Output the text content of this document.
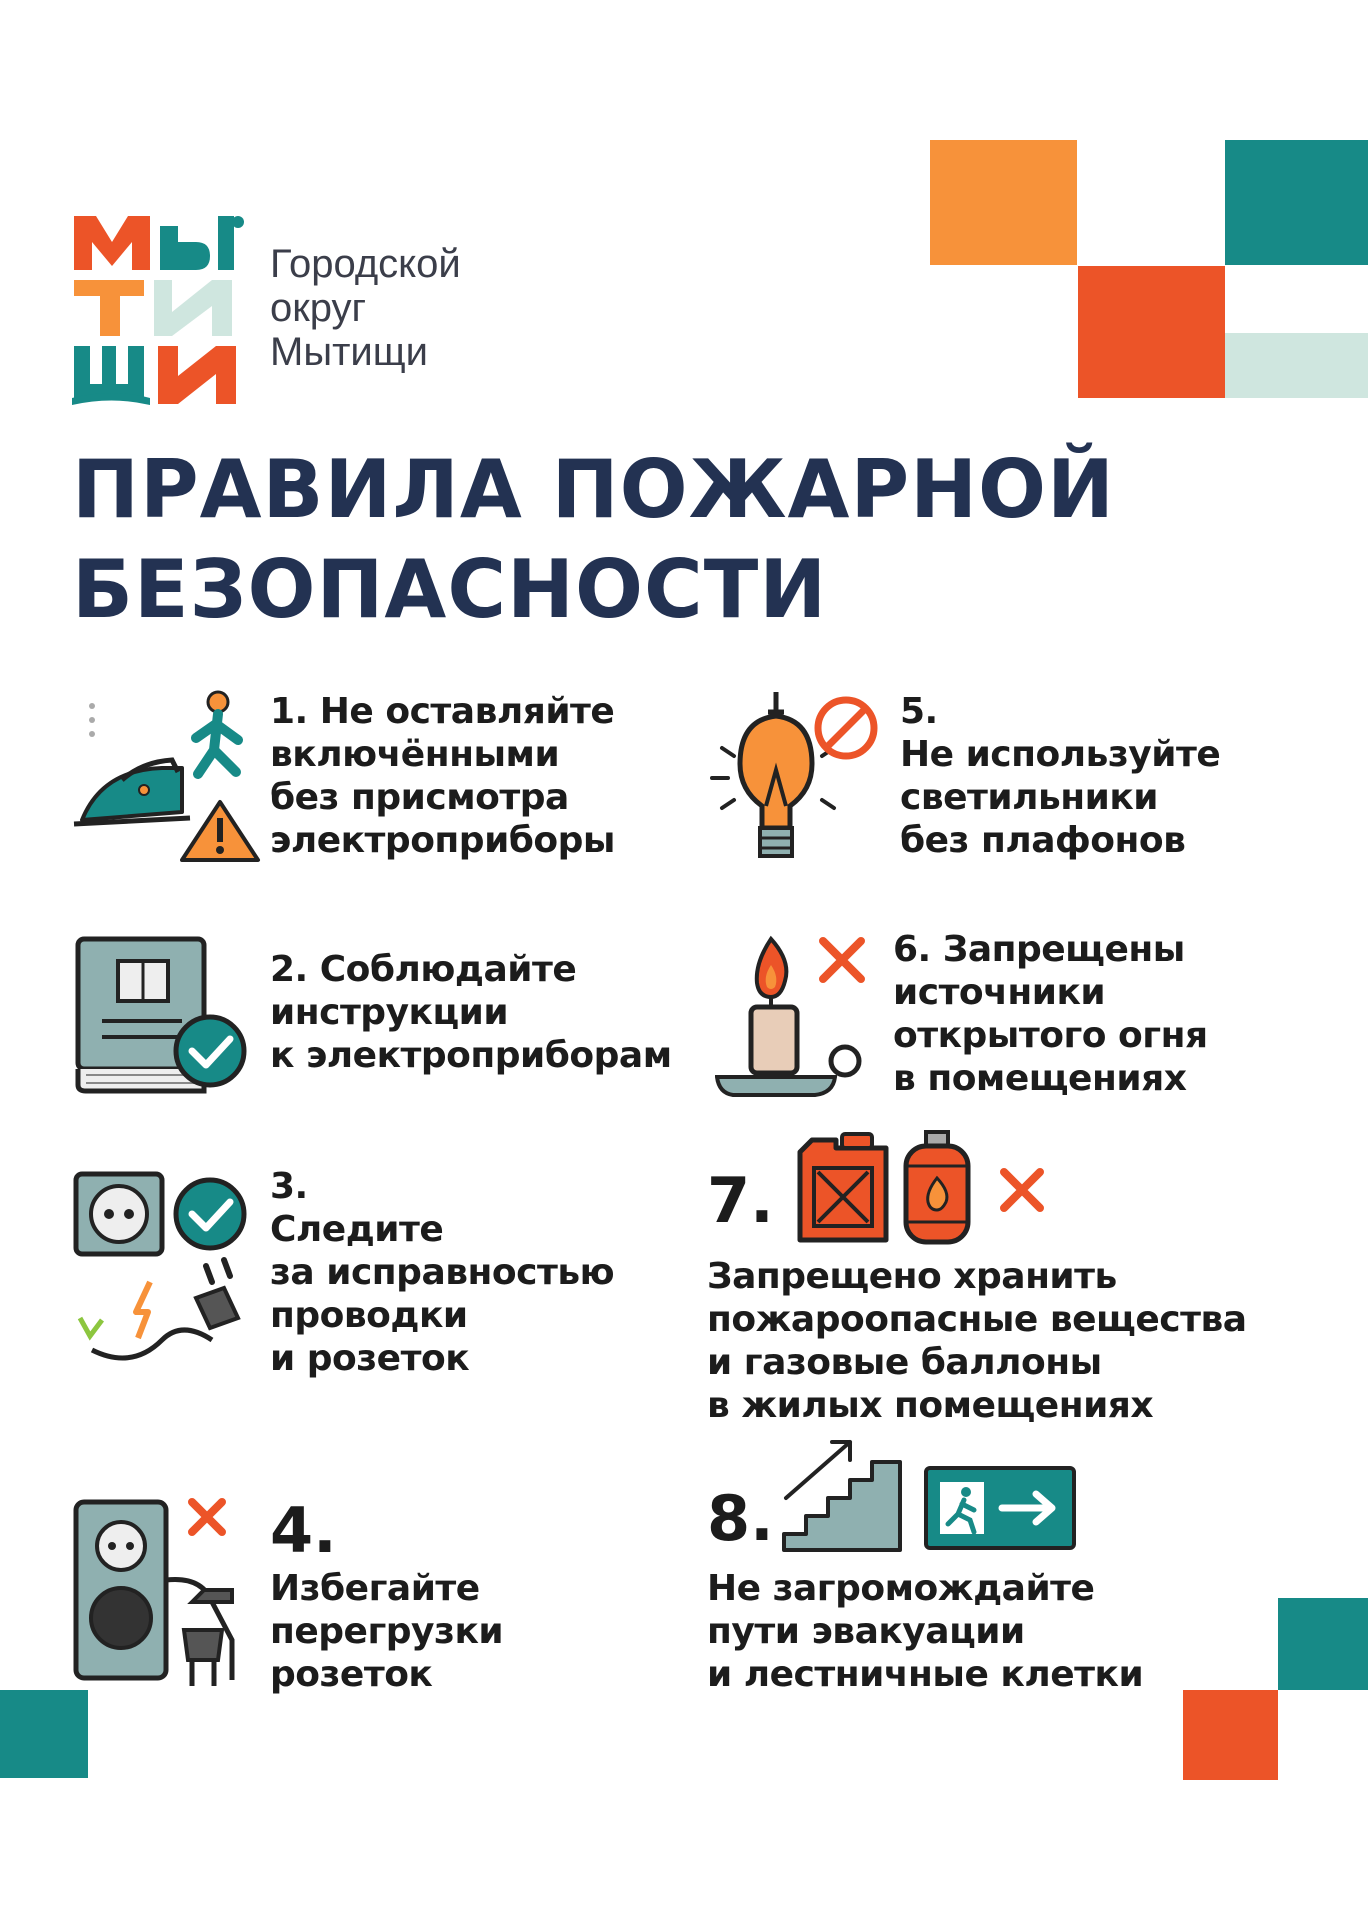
Городской
округ
Мытищи
ПРАВИЛА ПОЖАРНОЙ
БЕЗОПАСНОСТИ
1. Не оставляйте
включёнными
без присмотра
электроприборы
2. Соблюдайте
инструкции
к электроприборам
3.
Следите
за исправностью
проводки
и розеток
4.
Избегайте
перегрузки
розеток
5.
Не используйте
светильники
без плафонов
6. Запрещены
источники
открытого огня
в помещениях
7.
Запрещено хранить
пожароопасные вещества
и газовые баллоны
в жилых помещениях
8.
Не загромождайте
пути эвакуации
и лестничные клетки
